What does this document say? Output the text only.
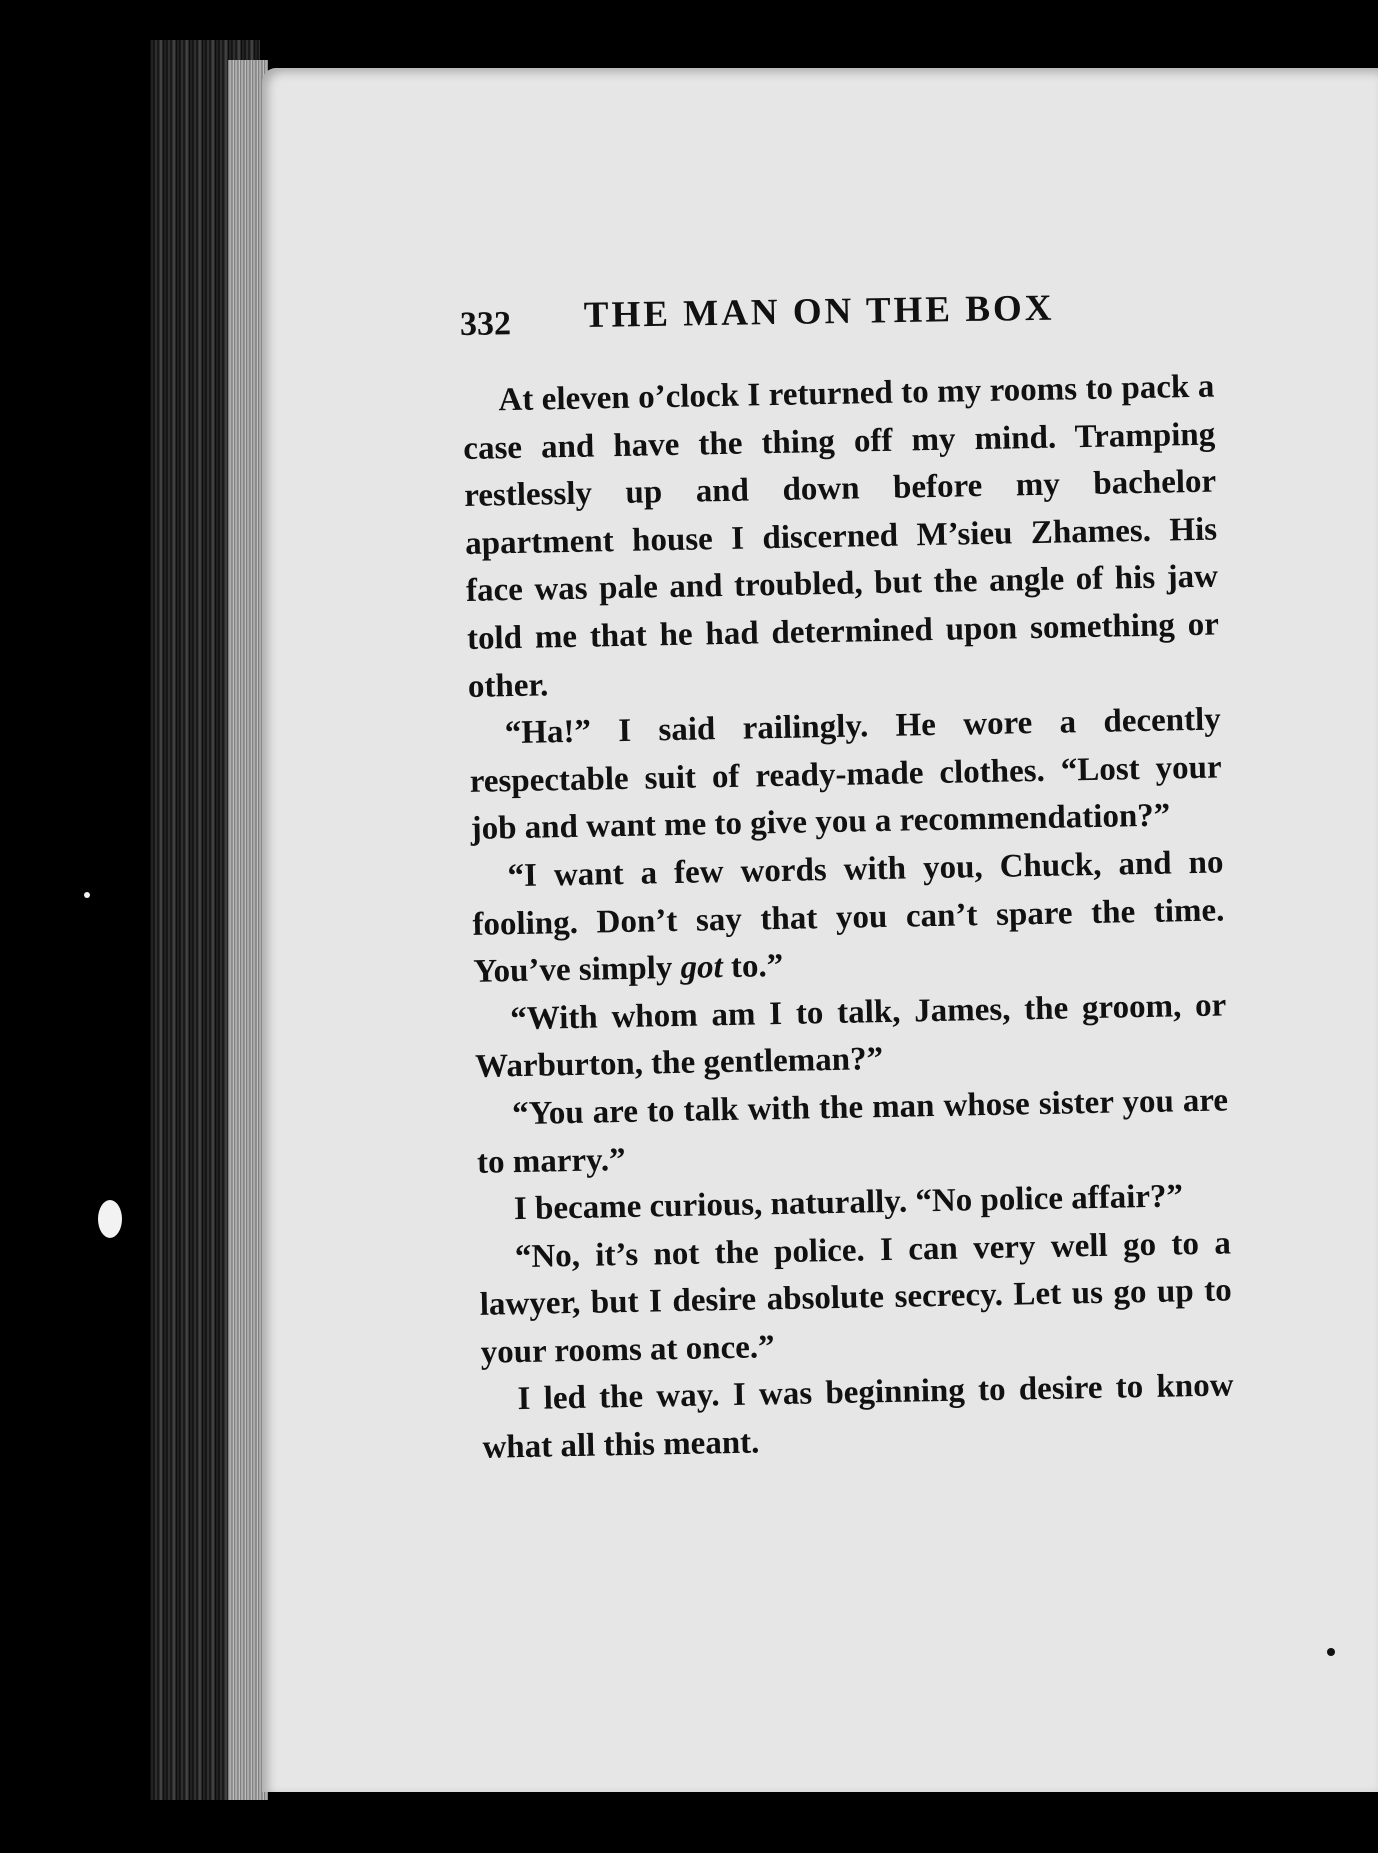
332 THE MAN ON THE BOX

At eleven o’clock I returned to my rooms to pack a case and have the thing off my mind. Tramping restlessly up and down before my bachelor apartment house I discerned M’sieu Zhames. His face was pale and troubled, but the angle of his jaw told me that he had determined upon something or other.

“Ha!” I said railingly. He wore a decently respectable suit of ready-made clothes. “Lost your job and want me to give you a recommendation?”

“I want a few words with you, Chuck, and no fooling. Don’t say that you can’t spare the time. You’ve simply got to.”

“With whom am I to talk, James, the groom, or Warburton, the gentleman?”

“You are to talk with the man whose sister you are to marry.”

I became curious, naturally. “No police affair?”

“No, it’s not the police. I can very well go to a lawyer, but I desire absolute secrecy. Let us go up to your rooms at once.”

I led the way. I was beginning to desire to know what all this meant.
